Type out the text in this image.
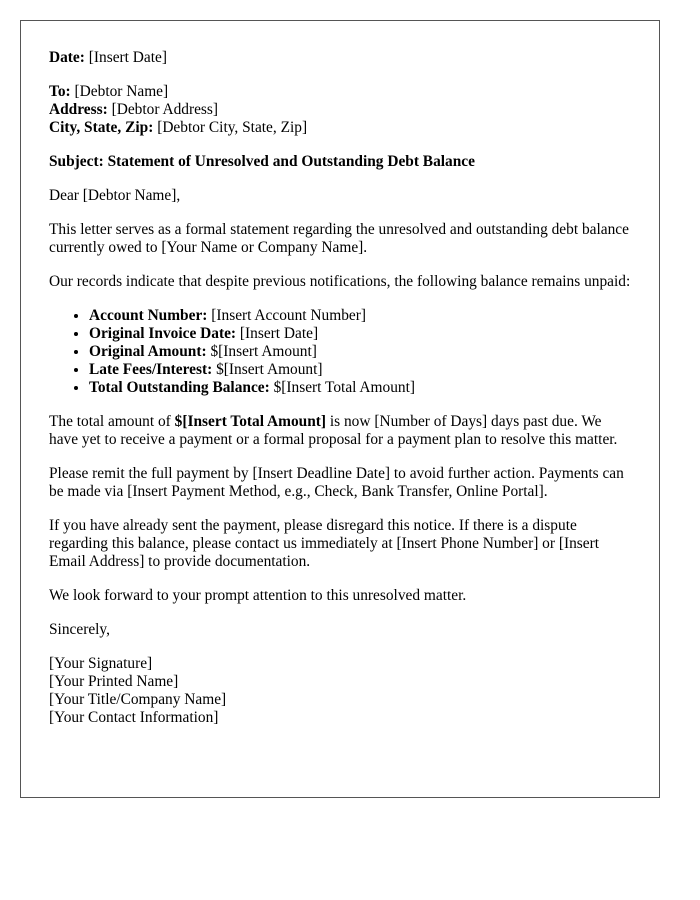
Date: [Insert Date]

To: [Debtor Name]
Address: [Debtor Address]
City, State, Zip: [Debtor City, State, Zip]

Subject: Statement of Unresolved and Outstanding Debt Balance

Dear [Debtor Name],

This letter serves as a formal statement regarding the unresolved and outstanding debt balance currently owed to [Your Name or Company Name].

Our records indicate that despite previous notifications, the following balance remains unpaid:

• Account Number: [Insert Account Number]
• Original Invoice Date: [Insert Date]
• Original Amount: $[Insert Amount]
• Late Fees/Interest: $[Insert Amount]
• Total Outstanding Balance: $[Insert Total Amount]

The total amount of $[Insert Total Amount] is now [Number of Days] days past due. We have yet to receive a payment or a formal proposal for a payment plan to resolve this matter.

Please remit the full payment by [Insert Deadline Date] to avoid further action. Payments can be made via [Insert Payment Method, e.g., Check, Bank Transfer, Online Portal].

If you have already sent the payment, please disregard this notice. If there is a dispute regarding this balance, please contact us immediately at [Insert Phone Number] or [Insert Email Address] to provide documentation.

We look forward to your prompt attention to this unresolved matter.

Sincerely,

[Your Signature]
[Your Printed Name]
[Your Title/Company Name]
[Your Contact Information]
